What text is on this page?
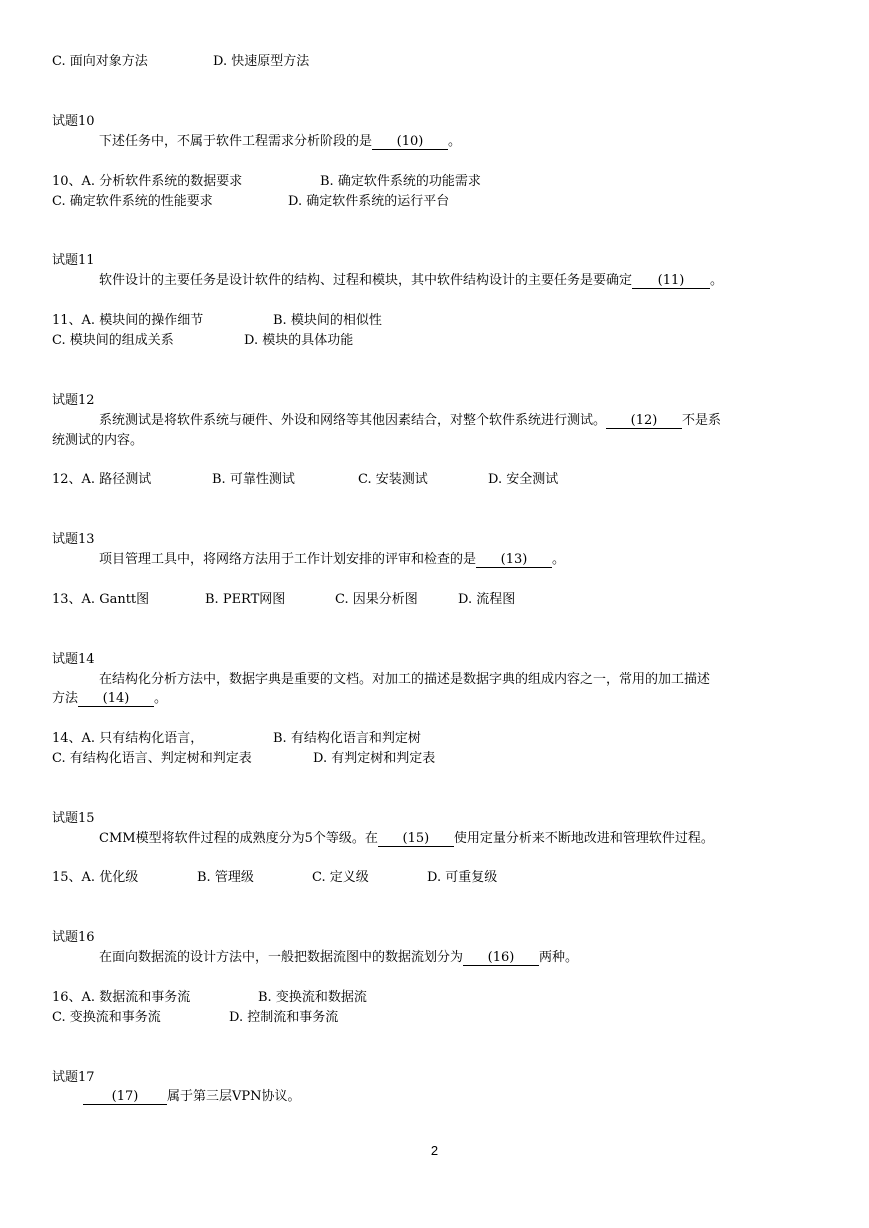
C. 面向对象方法	D. 快速原型方法
试题10
下述任务中，不属于软件工程需求分析阶段的是 (10) 。
10、A. 分析软件系统的数据要求	B. 确定软件系统的功能需求
C. 确定软件系统的性能要求	D. 确定软件系统的运行平台
试题11
软件设计的主要任务是设计软件的结构、过程和模块，其中软件结构设计的主要任务是要确定 (11) 。
11、A. 模块间的操作细节	B. 模块间的相似性
C. 模块间的组成关系	D. 模块的具体功能
试题12
系统测试是将软件系统与硬件、外设和网络等其他因素结合，对整个软件系统进行测试。 (12) 不是系
统测试的内容。
12、A. 路径测试	B. 可靠性测试	C. 安装测试	D. 安全测试
试题13
项目管理工具中，将网络方法用于工作计划安排的评审和检查的是 (13) 。
13、A. Gantt图	B. PERT网图	C. 因果分析图	D. 流程图
试题14
在结构化分析方法中，数据字典是重要的文档。对加工的描述是数据字典的组成内容之一，常用的加工描述
方法 (14) 。
14、A. 只有结构化语言，	B. 有结构化语言和判定树
C. 有结构化语言、判定树和判定表	D. 有判定树和判定表
试题15
CMM模型将软件过程的成熟度分为5个等级。在 (15) 使用定量分析来不断地改进和管理软件过程。
15、A. 优化级	B. 管理级	C. 定义级	D. 可重复级
试题16
在面向数据流的设计方法中，一般把数据流图中的数据流划分为 (16) 两种。
16、A. 数据流和事务流	B. 变换流和数据流
C. 变换流和事务流	D. 控制流和事务流
试题17
(17) 属于第三层VPN协议。
2
